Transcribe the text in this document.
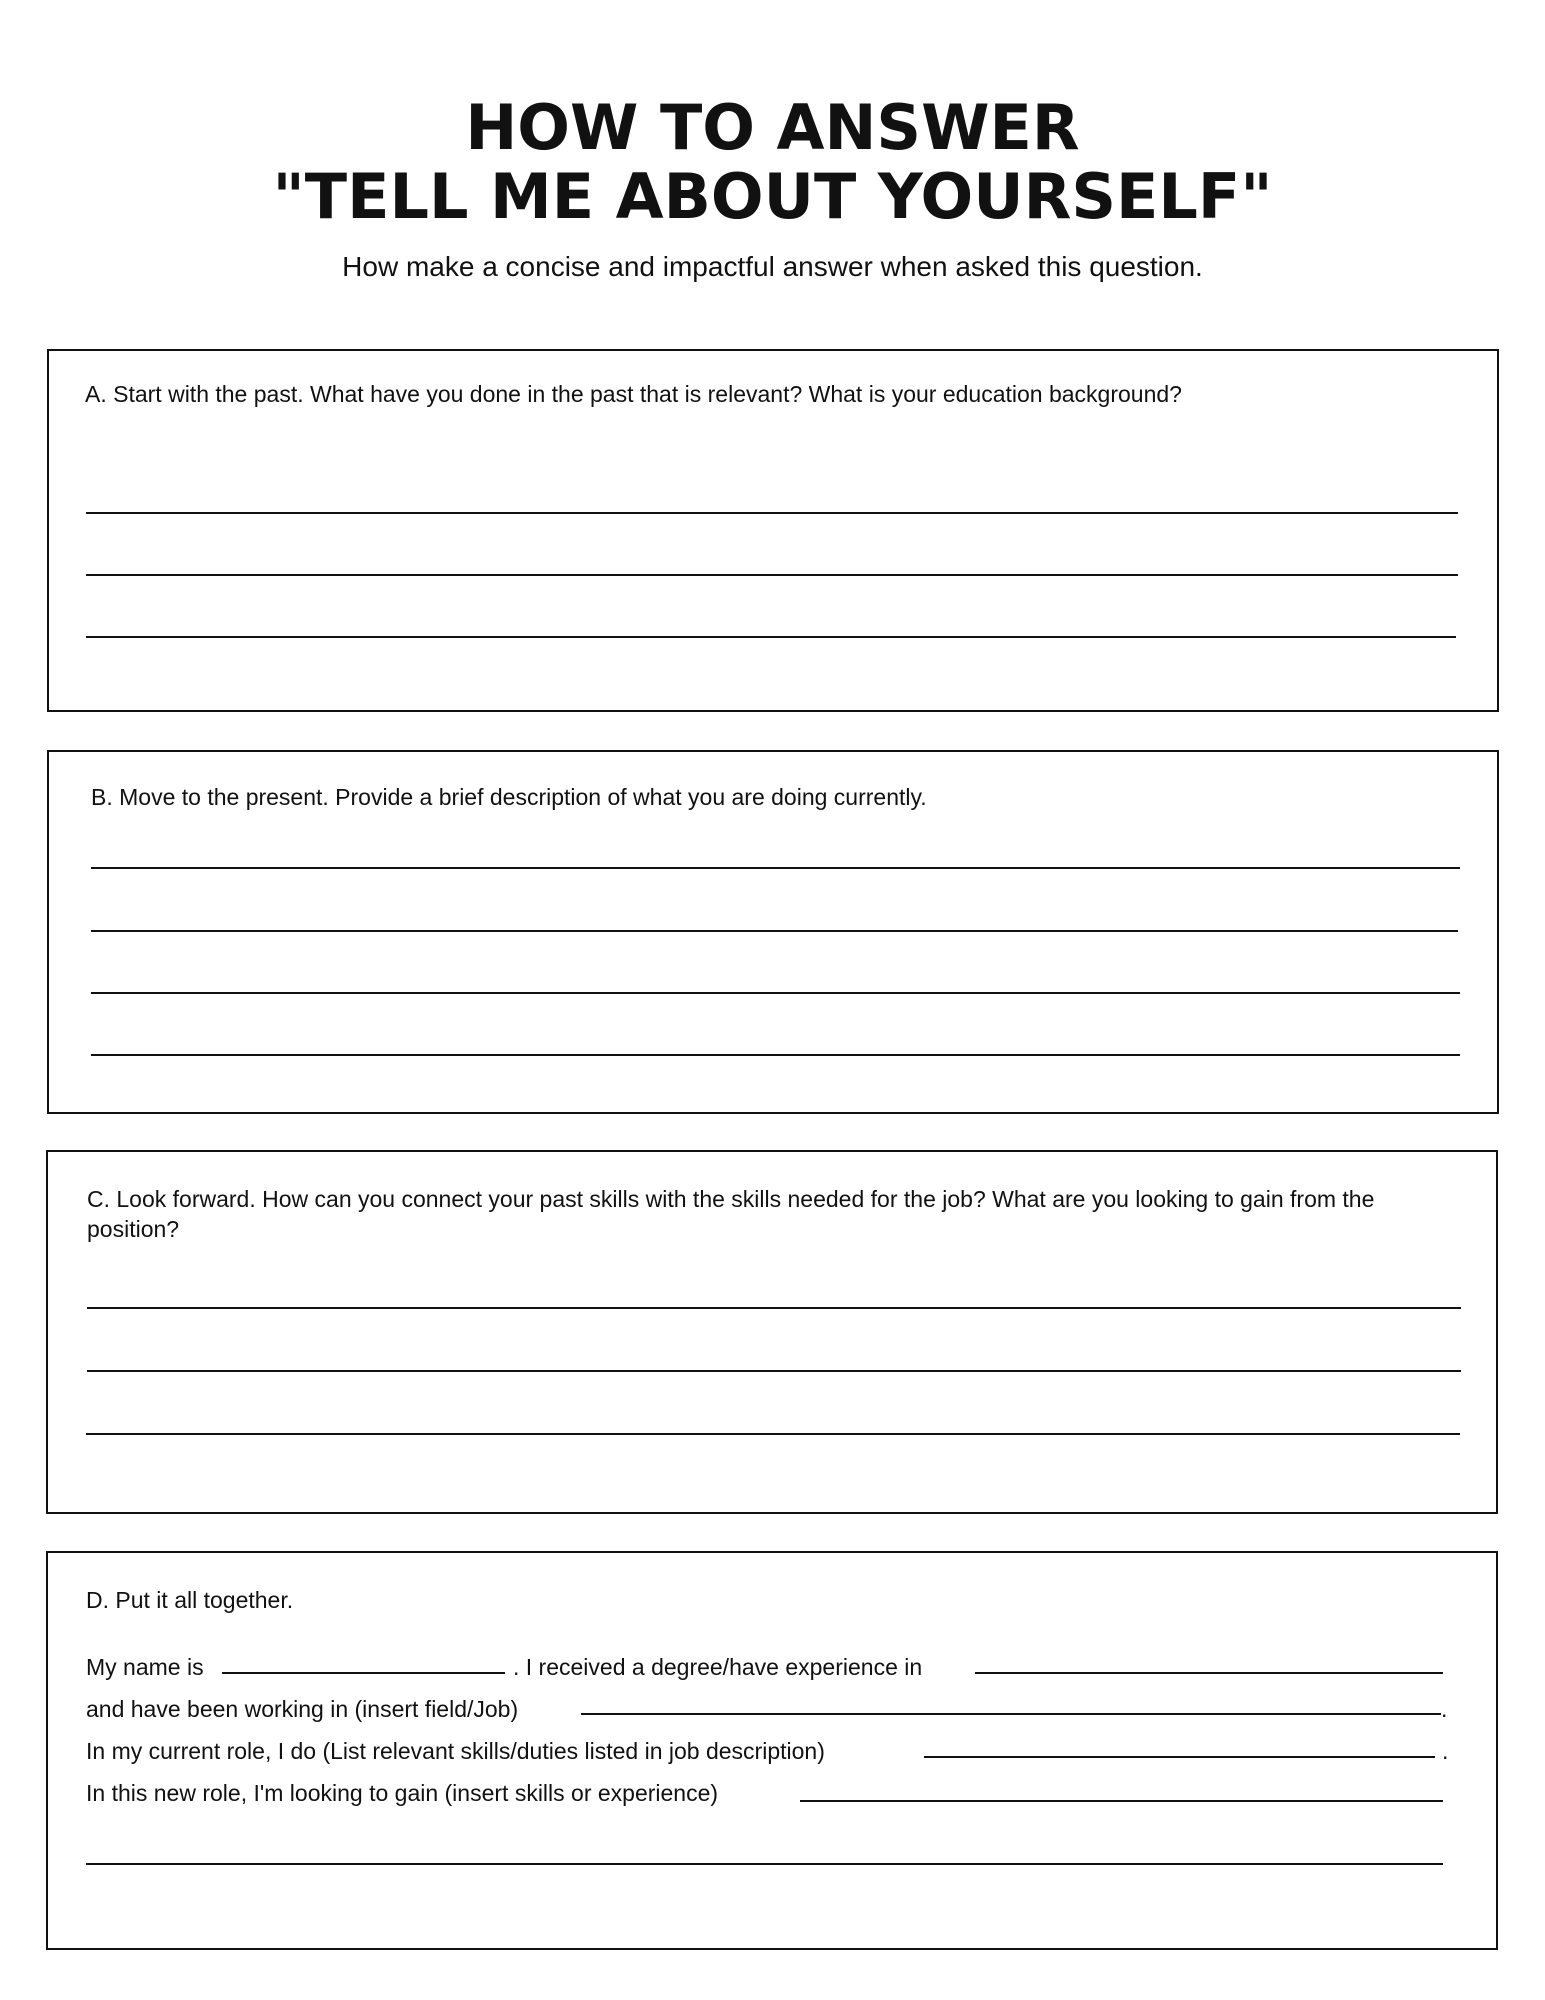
HOW TO ANSWER
"TELL ME ABOUT YOURSELF"
How make a concise and impactful answer when asked this question.
A. Start with the past. What have you done in the past that is relevant? What is your education background?
B. Move to the present. Provide a brief description of what you are doing currently.
C. Look forward. How can you connect your past skills with the skills needed for the job? What are you looking to gain from the position?
D. Put it all together.
My name is	. I received a degree/have experience in
and have been working in (insert field/Job)	.
In my current role, I do (List relevant skills/duties listed in job description)	.
In this new role, I'm looking to gain (insert skills or experience)
